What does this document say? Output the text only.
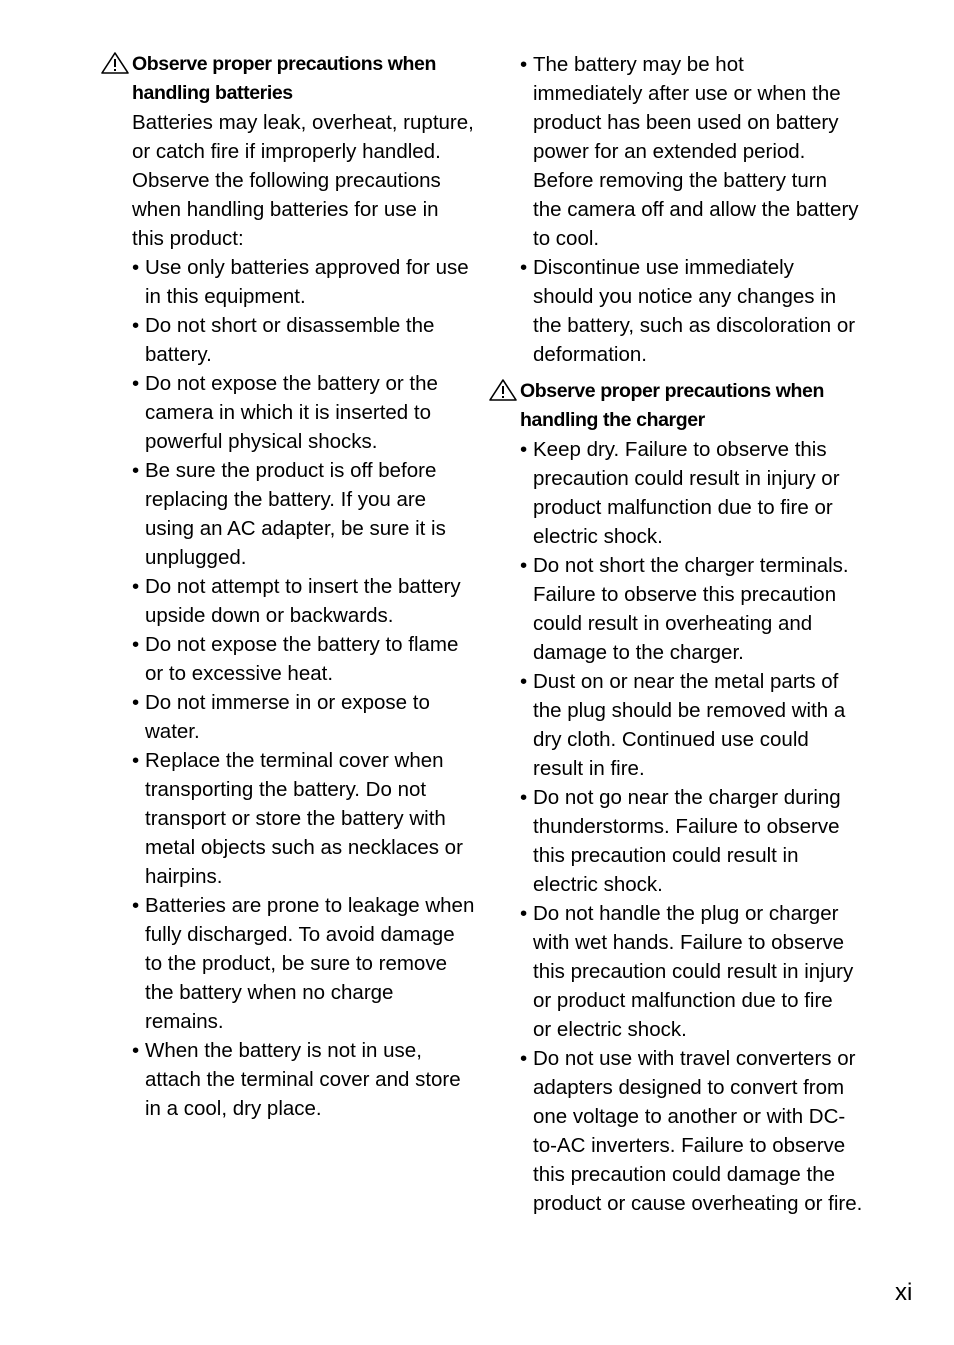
Observe proper precautions when
handling batteries
Batteries may leak, overheat, rupture,
or catch fire if improperly handled.
Observe the following precautions
when handling batteries for use in
this product:
• Use only batteries approved for use
in this equipment.
• Do not short or disassemble the
battery.
• Do not expose the battery or the
camera in which it is inserted to
powerful physical shocks.
• Be sure the product is off before
replacing the battery. If you are
using an AC adapter, be sure it is
unplugged.
• Do not attempt to insert the battery
upside down or backwards.
• Do not expose the battery to flame
or to excessive heat.
• Do not immerse in or expose to
water.
• Replace the terminal cover when
transporting the battery. Do not
transport or store the battery with
metal objects such as necklaces or
hairpins.
• Batteries are prone to leakage when
fully discharged. To avoid damage
to the product, be sure to remove
the battery when no charge
remains.
• When the battery is not in use,
attach the terminal cover and store
in a cool, dry place.
• The battery may be hot
immediately after use or when the
product has been used on battery
power for an extended period.
Before removing the battery turn
the camera off and allow the battery
to cool.
• Discontinue use immediately
should you notice any changes in
the battery, such as discoloration or
deformation.
Observe proper precautions when
handling the charger
• Keep dry. Failure to observe this
precaution could result in injury or
product malfunction due to fire or
electric shock.
• Do not short the charger terminals.
Failure to observe this precaution
could result in overheating and
damage to the charger.
• Dust on or near the metal parts of
the plug should be removed with a
dry cloth. Continued use could
result in fire.
• Do not go near the charger during
thunderstorms. Failure to observe
this precaution could result in
electric shock.
• Do not handle the plug or charger
with wet hands. Failure to observe
this precaution could result in injury
or product malfunction due to fire
or electric shock.
• Do not use with travel converters or
adapters designed to convert from
one voltage to another or with DC-
to-AC inverters. Failure to observe
this precaution could damage the
product or cause overheating or fire.
xi
